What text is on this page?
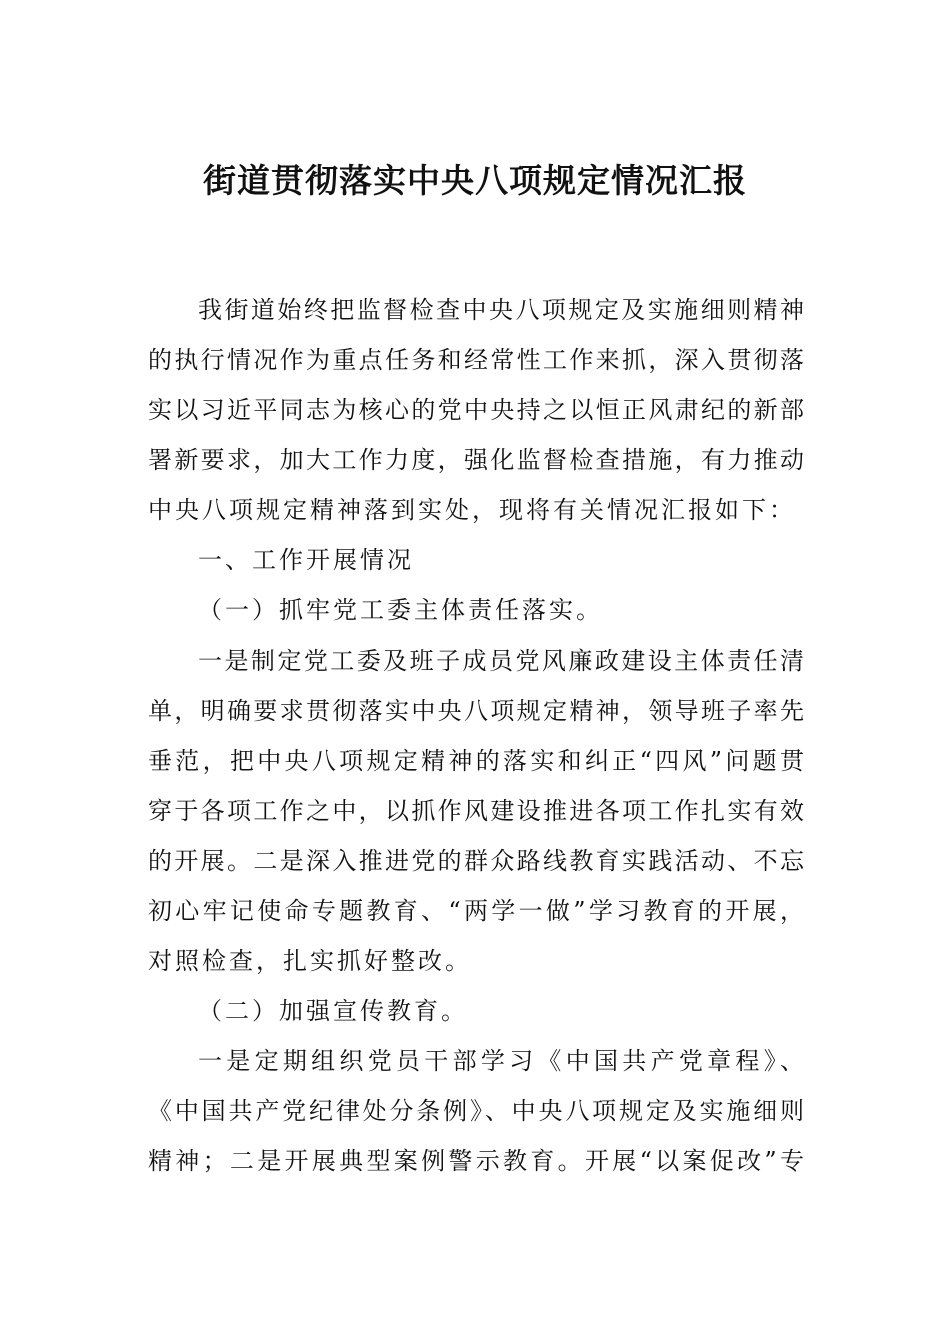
街道贯彻落实中央八项规定情况汇报

我街道始终把监督检查中央八项规定及实施细则精神

的执行情况作为重点任务和经常性工作来抓，深入贯彻落

实以习近平同志为核心的党中央持之以恒正风肃纪的新部

署新要求，加大工作力度，强化监督检查措施，有力推动

中央八项规定精神落到实处，现将有关情况汇报如下：

一、工作开展情况

（一）抓牢党工委主体责任落实。

一是制定党工委及班子成员党风廉政建设主体责任清

单，明确要求贯彻落实中央八项规定精神，领导班子率先

垂范，把中央八项规定精神的落实和纠正“四风”问题贯

穿于各项工作之中，以抓作风建设推进各项工作扎实有效

的开展。二是深入推进党的群众路线教育实践活动、不忘

初心牢记使命专题教育、“两学一做”学习教育的开展，

对照检查，扎实抓好整改。

（二）加强宣传教育。

一是定期组织党员干部学习《中国共产党章程》、

《中国共产党纪律处分条例》、中央八项规定及实施细则

精神；二是开展典型案例警示教育。开展“以案促改”专
